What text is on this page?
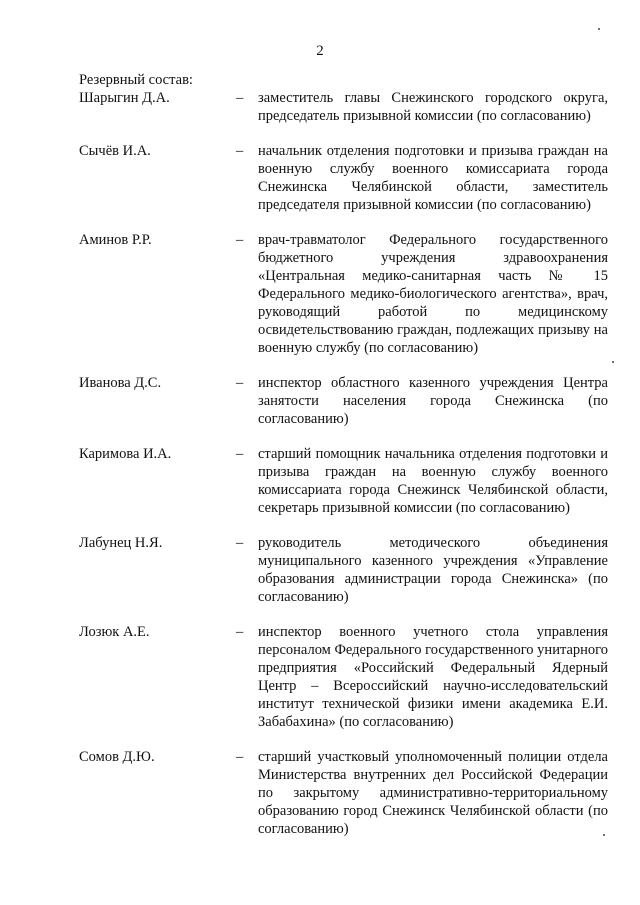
2
Резервный состав:
Шарыгин Д.А.	–	заместитель главы Снежинского городского округа, председатель призывной комиссии (по согласованию)
Сычёв И.А.	–	начальник отделения подготовки и призыва граждан на военную службу военного комиссариата города Снежинска Челябинской области, заместитель председателя призывной комиссии (по согласованию)
Аминов Р.Р.	–	врач-травматолог Федерального государственного бюджетного учреждения здравоохранения «Центральная медико-санитарная часть № 15 Федерального медико-биологического агентства», врач, руководящий работой по медицинскому освидетельствованию граждан, подлежащих призыву на военную службу (по согласованию)
Иванова Д.С.	–	инспектор областного казенного учреждения Центра занятости населения города Снежинска (по согласованию)
Каримова И.А.	–	старший помощник начальника отделения подготовки и призыва граждан на военную службу военного комиссариата города Снежинск Челябинской области, секретарь призывной комиссии (по согласованию)
Лабунец Н.Я.	–	руководитель методического объединения муниципального казенного учреждения «Управление образования администрации города Снежинска» (по согласованию)
Лозюк А.Е.	–	инспектор военного учетного стола управления персоналом Федерального государственного унитарного предприятия «Российский Федеральный Ядерный Центр – Всероссийский научно-исследовательский институт технической физики имени академика Е.И. Забабахина» (по согласованию)
Сомов Д.Ю.	–	старший участковый уполномоченный полиции отдела Министерства внутренних дел Российской Федерации по закрытому административно-территориальному образованию город Снежинск Челябинской области (по согласованию)
